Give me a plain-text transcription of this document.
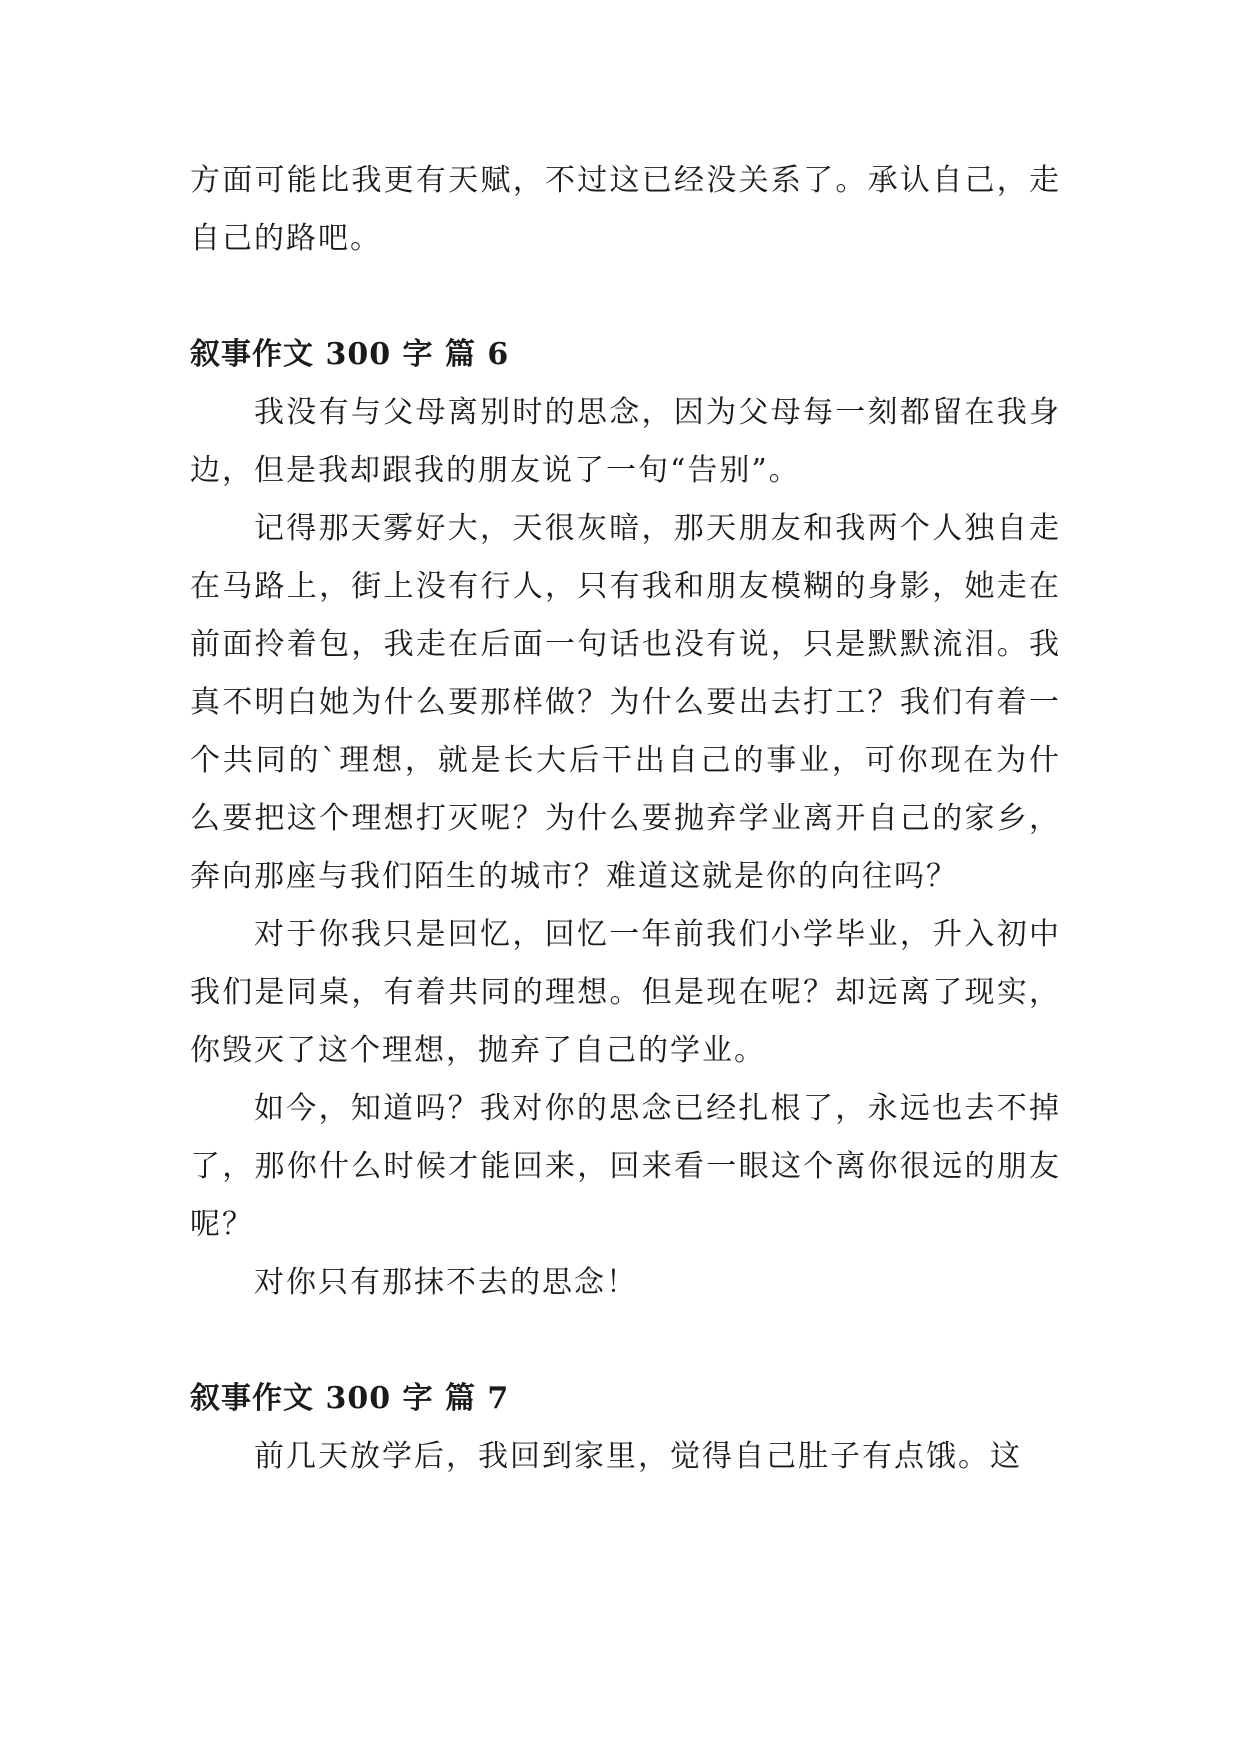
方面可能比我更有天赋，不过这已经没关系了。承认自己，走自己的路吧。

叙事作文 300 字 篇 6

我没有与父母离别时的思念，因为父母每一刻都留在我身边，但是我却跟我的朋友说了一句“告别”。

记得那天雾好大，天很灰暗，那天朋友和我两个人独自走在马路上，街上没有行人，只有我和朋友模糊的身影，她走在前面拎着包，我走在后面一句话也没有说，只是默默流泪。我真不明白她为什么要那样做？为什么要出去打工？我们有着一个共同的`理想，就是长大后干出自己的事业，可你现在为什么要把这个理想打灭呢？为什么要抛弃学业离开自己的家乡，奔向那座与我们陌生的城市？难道这就是你的向往吗？

对于你我只是回忆，回忆一年前我们小学毕业，升入初中我们是同桌，有着共同的理想。但是现在呢？却远离了现实，你毁灭了这个理想，抛弃了自己的学业。

如今，知道吗？我对你的思念已经扎根了，永远也去不掉了，那你什么时候才能回来，回来看一眼这个离你很远的朋友呢？

对你只有那抹不去的思念！

叙事作文 300 字 篇 7

前几天放学后，我回到家里，觉得自己肚子有点饿。这
